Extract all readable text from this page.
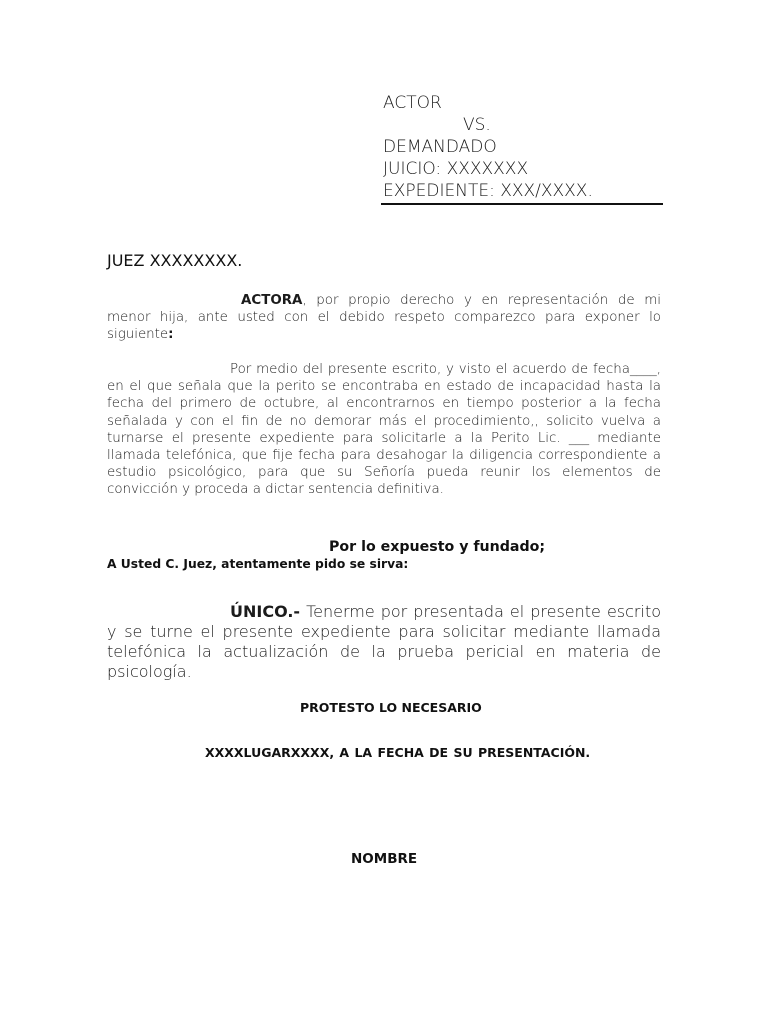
ACTOR
VS.
DEMANDADO
JUICIO: XXXXXXX
EXPEDIENTE: XXX/XXXX.
JUEZ XXXXXXXX.
ACTORA, por propio derecho y en representación de mi menor hija, ante usted con el debido respeto comparezco para exponer lo siguiente:
Por medio del presente escrito, y visto el acuerdo de fecha____, en el que señala que la perito se encontraba en estado de incapacidad hasta la fecha del primero de octubre, al encontrarnos en tiempo posterior a la fecha señalada y con el fin de no demorar más el procedimiento,, solicito vuelva a turnarse el presente expediente para solicitarle a la Perito Lic. ___ mediante llamada telefónica, que fije fecha para desahogar la diligencia correspondiente a estudio psicológico, para que su Señoría pueda reunir los elementos de convicción y proceda a dictar sentencia definitiva.
Por lo expuesto y fundado;
A Usted C. Juez, atentamente pido se sirva:
ÚNICO.- Tenerme por presentada el presente escrito y se turne el presente expediente para solicitar mediante llamada telefónica la actualización de la prueba pericial en materia de psicología.
PROTESTO LO NECESARIO
XXXXLUGARXXXX, A LA FECHA DE SU PRESENTACIÓN.
NOMBRE
